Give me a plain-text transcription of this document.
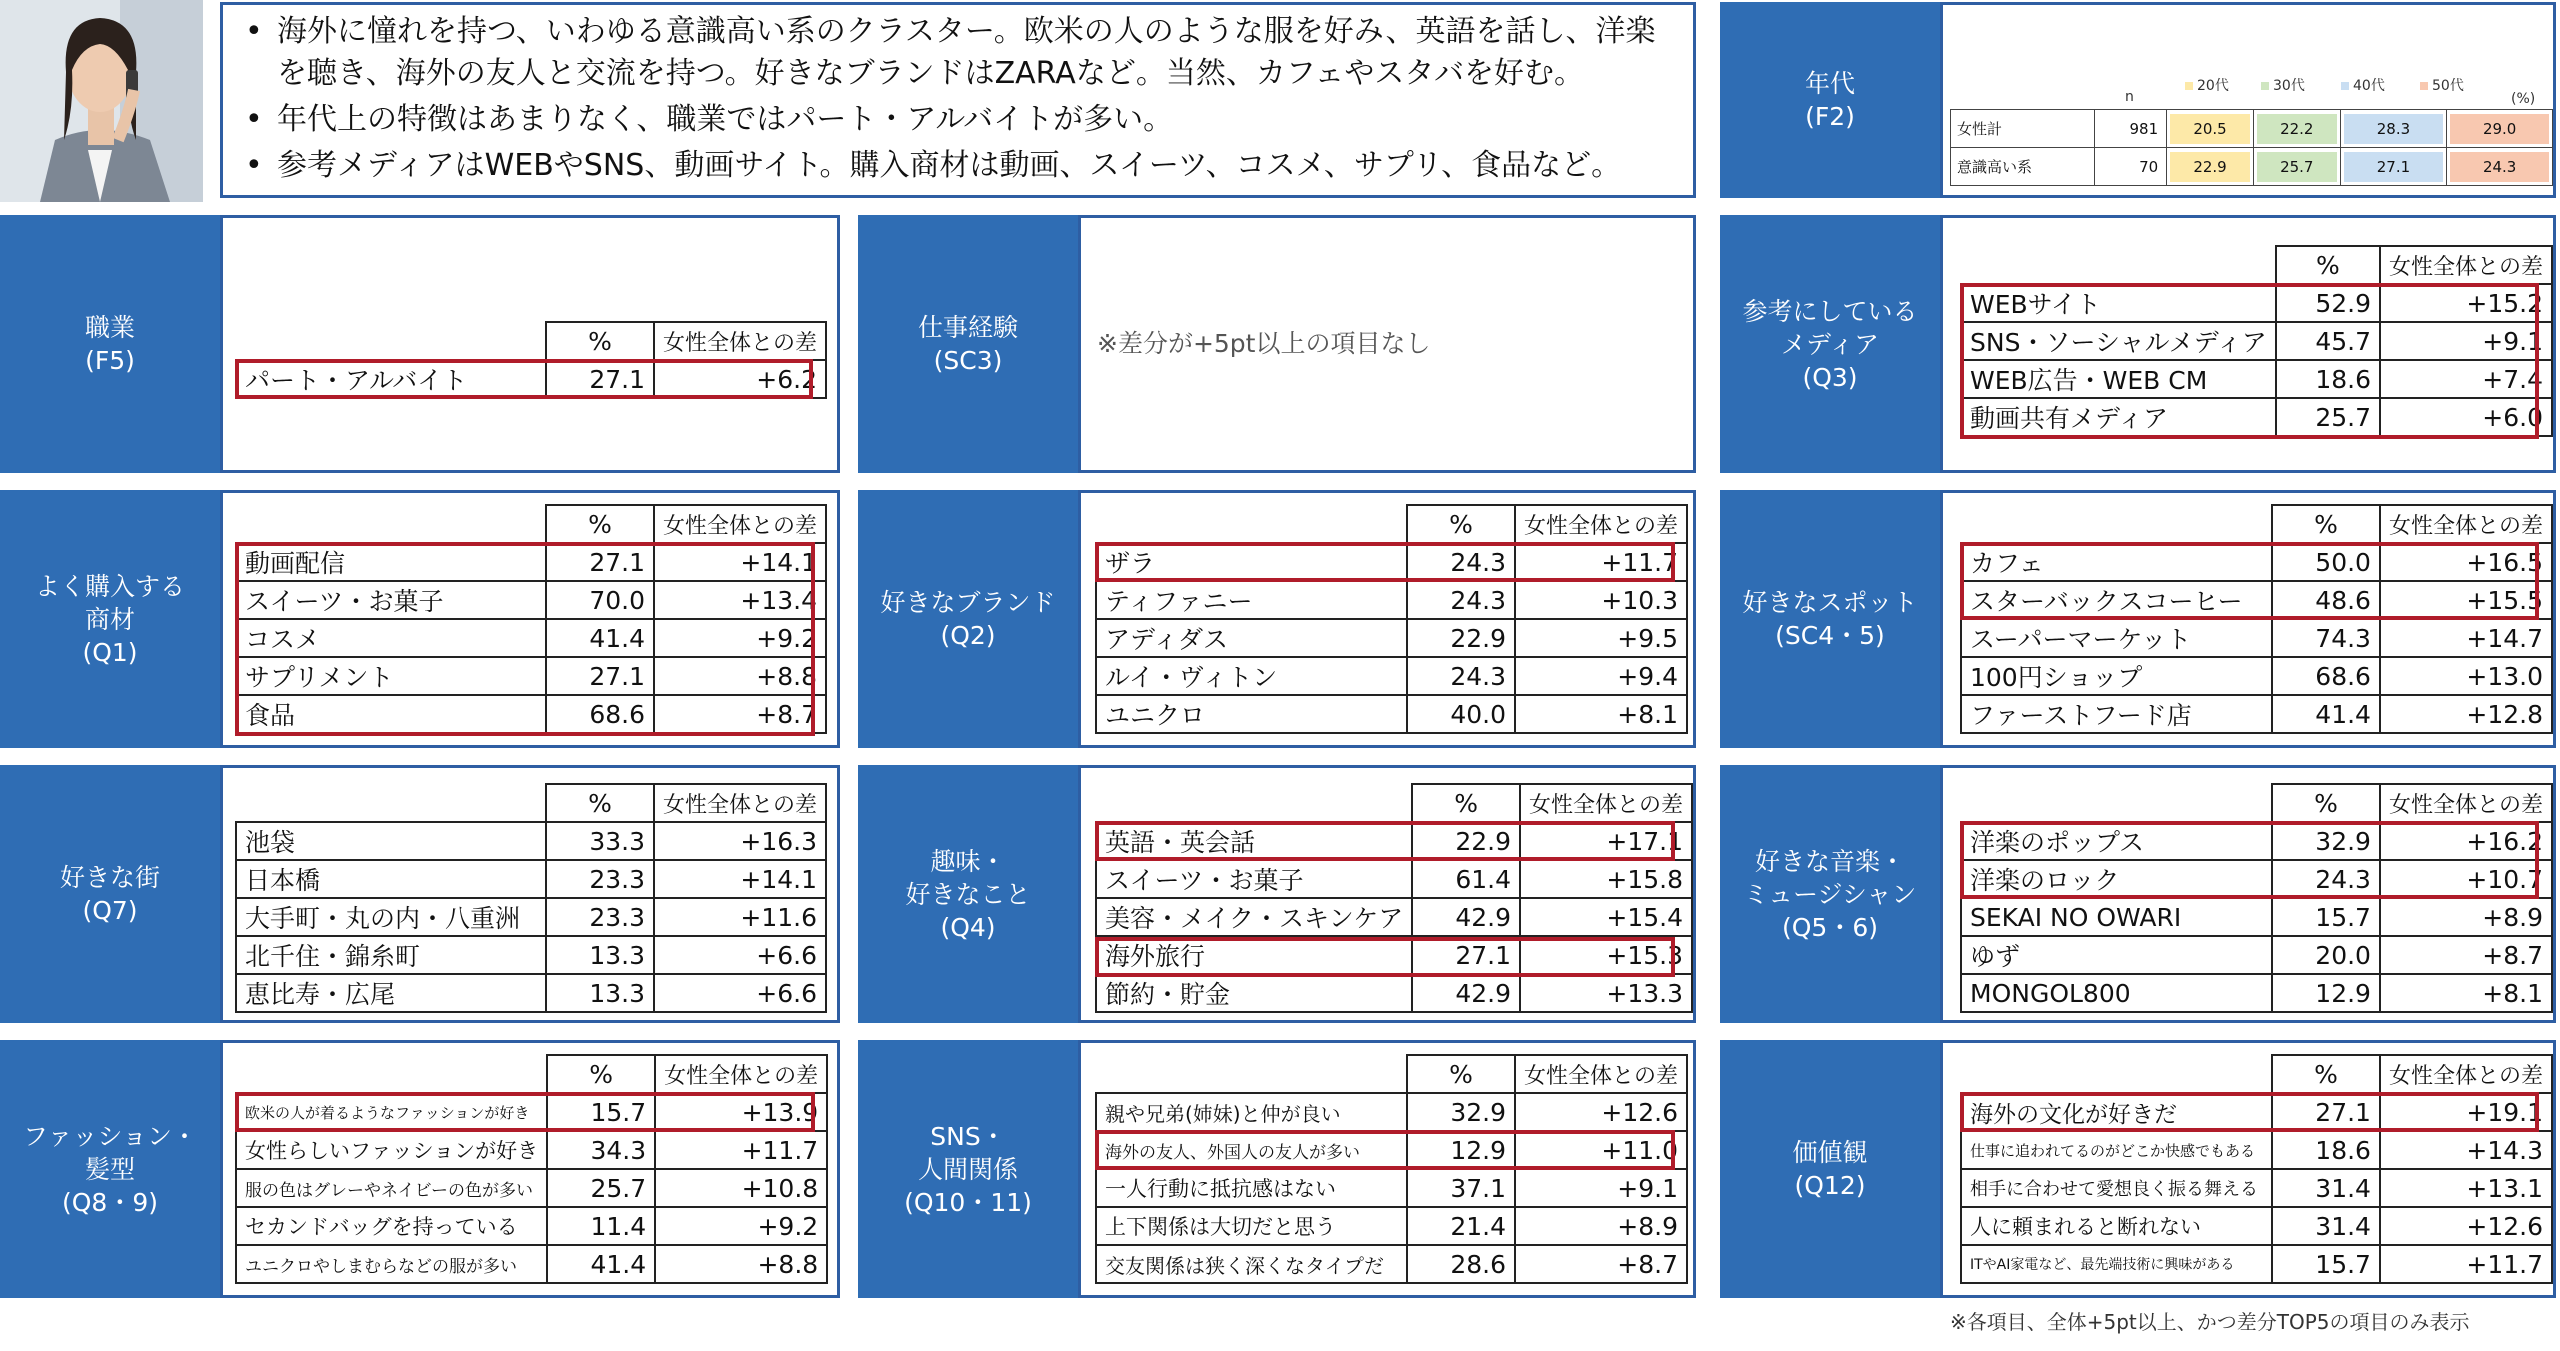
• 海外に憧れを持つ、いわゆる意識高い系のクラスター。欧米の人のような服を好み、英語を話し、洋楽を聴き、海外の友人と交流を持つ。好きなブランドはZARAなど。当然、カフェやスタバを好む。
• 年代上の特徴はあまりなく、職業ではパート・アルバイトが多い。
• 参考メディアはWEBやSNS、動画サイト。購入商材は動画、スイーツ、コスメ、サプリ、食品など。
年代
(F2)
n
20代	30代	40代	50代
(%)
女性計	981	20.5	22.2	28.3	29.0

意識高い系	70	22.9	25.7	27.1	24.3
職業
(F5)
	%	女性全体との差
パート・アルバイト	27.1	+6.2
仕事経験
(SC3)
※差分が+5pt以上の項目なし
参考にしている
メディア
(Q3)
	%	女性全体との差
WEBサイト	52.9	+15.2
SNS・ソーシャルメディア	45.7	+9.1
WEB広告・WEB CM	18.6	+7.4
動画共有メディア	25.7	+6.0
よく購入する
商材
(Q1)
	%	女性全体との差
動画配信	27.1	+14.1
スイーツ・お菓子	70.0	+13.4
コスメ	41.4	+9.2
サプリメント	27.1	+8.8
食品	68.6	+8.7
好きなブランド
(Q2)
	%	女性全体との差
ザラ	24.3	+11.7
ティファニー	24.3	+10.3
アディダス	22.9	+9.5
ルイ・ヴィトン	24.3	+9.4
ユニクロ	40.0	+8.1
好きなスポット
(SC4・5)
	%	女性全体との差
カフェ	50.0	+16.5
スターバックスコーヒー	48.6	+15.5
スーパーマーケット	74.3	+14.7
100円ショップ	68.6	+13.0
ファーストフード店	41.4	+12.8
好きな街
(Q7)
	%	女性全体との差
池袋	33.3	+16.3
日本橋	23.3	+14.1
大手町・丸の内・八重洲	23.3	+11.6
北千住・錦糸町	13.3	+6.6
恵比寿・広尾	13.3	+6.6
趣味・
好きなこと
(Q4)
	%	女性全体との差
英語・英会話	22.9	+17.1
スイーツ・お菓子	61.4	+15.8
美容・メイク・スキンケア	42.9	+15.4
海外旅行	27.1	+15.3
節約・貯金	42.9	+13.3
好きな音楽・
ミュージシャン
(Q5・6)
	%	女性全体との差
洋楽のポップス	32.9	+16.2
洋楽のロック	24.3	+10.7
SEKAI NO OWARI	15.7	+8.9
ゆず	20.0	+8.7
MONGOL800	12.9	+8.1
ファッション・
髪型
(Q8・9)
	%	女性全体との差
欧米の人が着るようなファッションが好き	15.7	+13.9
女性らしいファッションが好き	34.3	+11.7
服の色はグレーやネイビーの色が多い	25.7	+10.8
セカンドバッグを持っている	11.4	+9.2
ユニクロやしまむらなどの服が多い	41.4	+8.8
SNS・
人間関係
(Q10・11)
	%	女性全体との差
親や兄弟(姉妹)と仲が良い	32.9	+12.6
海外の友人、外国人の友人が多い	12.9	+11.0
一人行動に抵抗感はない	37.1	+9.1
上下関係は大切だと思う	21.4	+8.9
交友関係は狭く深くなタイプだ	28.6	+8.7
価値観
(Q12)
	%	女性全体との差
海外の文化が好きだ	27.1	+19.1
仕事に追われてるのがどこか快感でもある	18.6	+14.3
相手に合わせて愛想良く振る舞える	31.4	+13.1
人に頼まれると断れない	31.4	+12.6
ITやAI家電など、最先端技術に興味がある	15.7	+11.7
※各項目、全体+5pt以上、かつ差分TOP5の項目のみ表示
